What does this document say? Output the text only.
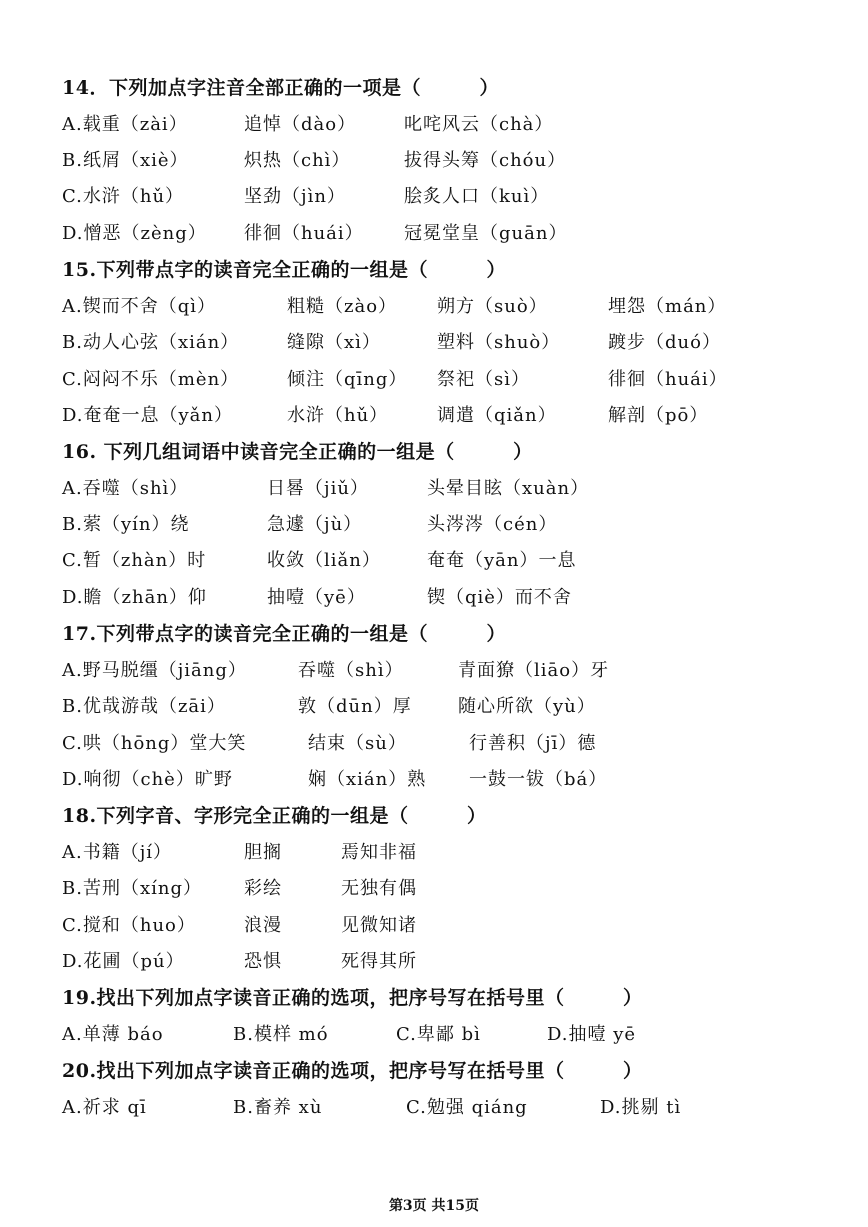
14．下列加点字注音全部正确的一项是（　　　）
A.载重（zài）	追悼（dào）	叱咤风云（chà）
B.纸屑（xiè）	炽热（chì）	拔得头筹（chóu）
C.水浒（hǔ）	坚劲（jìn）	脍炙人口（kuì）
D.憎恶（zèng） 徘徊（huái） 冠冕堂皇（guān）
15.下列带点字的读音完全正确的一组是（　　　）
A.锲而不舍（qì）	粗糙（zào） 朔方（suò）	埋怨（mán）
B.动人心弦（xián）	缝隙（xì）	塑料（shuò）	踱步（duó）
C.闷闷不乐（mèn）	倾注（qīng） 祭祀（sì）	徘徊（huái）
D.奄奄一息（yǎn）	水浒（hǔ）	调遣（qiǎn）	解剖（pō）
16. 下列几组词语中读音完全正确的一组是（　　　）
A.吞噬（shì）	日晷（jiǔ）	头晕目眩（xuàn）
B.萦（yín）绕	急遽（jù）	头涔涔（cén）
C.暂（zhàn）时	收敛（liǎn）	奄奄（yān）一息
D.瞻（zhān）仰	抽噎（yē）	锲（qiè）而不舍
17.下列带点字的读音完全正确的一组是（　　　）
A.野马脱缰（jiāng）	吞噬（shì）	青面獠（liāo）牙
B.优哉游哉（zāi）	敦（dūn）厚	随心所欲（yù）
C.哄（hōng）堂大笑	结束（sù）	行善积（jī）德
D.响彻（chè）旷野	娴（xián）熟 一鼓一钹（bá）
18.下列字音、字形完全正确的一组是（　　　）
A.书籍（jí）	胆搁	焉知非福
B.苦刑（xíng） 彩绘	无独有偶
C.搅和（huo）	浪漫	见微知诸
D.花圃（pú）	恐惧	死得其所
19.找出下列加点字读音正确的选项，把序号写在括号里（　　　）
A.单薄 báo	B.模样 mó	C.卑鄙 bì	D.抽噎 yē
20.找出下列加点字读音正确的选项，把序号写在括号里（　　　）
A.祈求 qī	B.畜养 xù	C.勉强 qiáng	D.挑剔 tì
第3页 共15页
